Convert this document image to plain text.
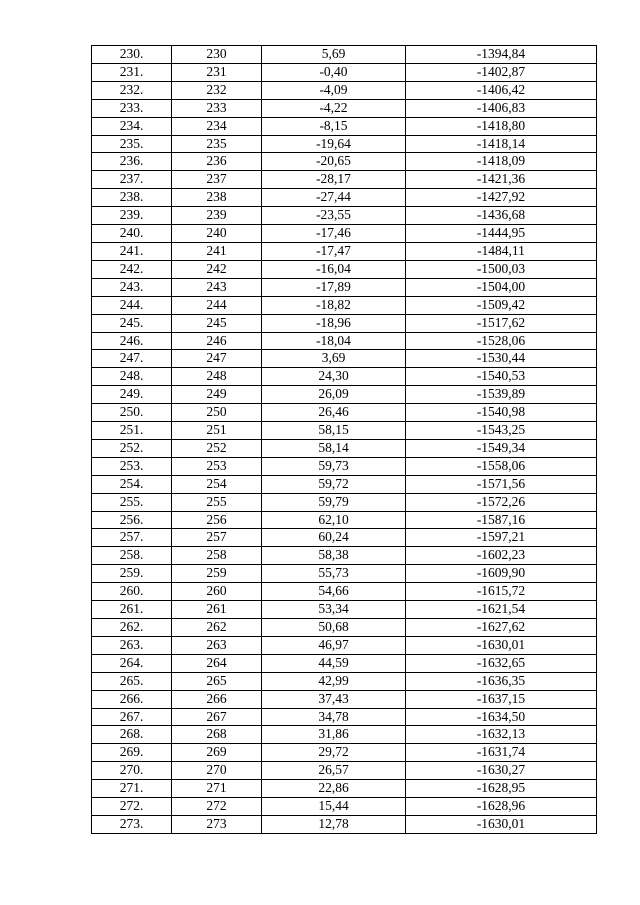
230.	230	5,69	-1394,84
231.	231	-0,40	-1402,87
232.	232	-4,09	-1406,42
233.	233	-4,22	-1406,83
234.	234	-8,15	-1418,80
235.	235	-19,64	-1418,14
236.	236	-20,65	-1418,09
237.	237	-28,17	-1421,36
238.	238	-27,44	-1427,92
239.	239	-23,55	-1436,68
240.	240	-17,46	-1444,95
241.	241	-17,47	-1484,11
242.	242	-16,04	-1500,03
243.	243	-17,89	-1504,00
244.	244	-18,82	-1509,42
245.	245	-18,96	-1517,62
246.	246	-18,04	-1528,06
247.	247	3,69	-1530,44
248.	248	24,30	-1540,53
249.	249	26,09	-1539,89
250.	250	26,46	-1540,98
251.	251	58,15	-1543,25
252.	252	58,14	-1549,34
253.	253	59,73	-1558,06
254.	254	59,72	-1571,56
255.	255	59,79	-1572,26
256.	256	62,10	-1587,16
257.	257	60,24	-1597,21
258.	258	58,38	-1602,23
259.	259	55,73	-1609,90
260.	260	54,66	-1615,72
261.	261	53,34	-1621,54
262.	262	50,68	-1627,62
263.	263	46,97	-1630,01
264.	264	44,59	-1632,65
265.	265	42,99	-1636,35
266.	266	37,43	-1637,15
267.	267	34,78	-1634,50
268.	268	31,86	-1632,13
269.	269	29,72	-1631,74
270.	270	26,57	-1630,27
271.	271	22,86	-1628,95
272.	272	15,44	-1628,96
273.	273	12,78	-1630,01
